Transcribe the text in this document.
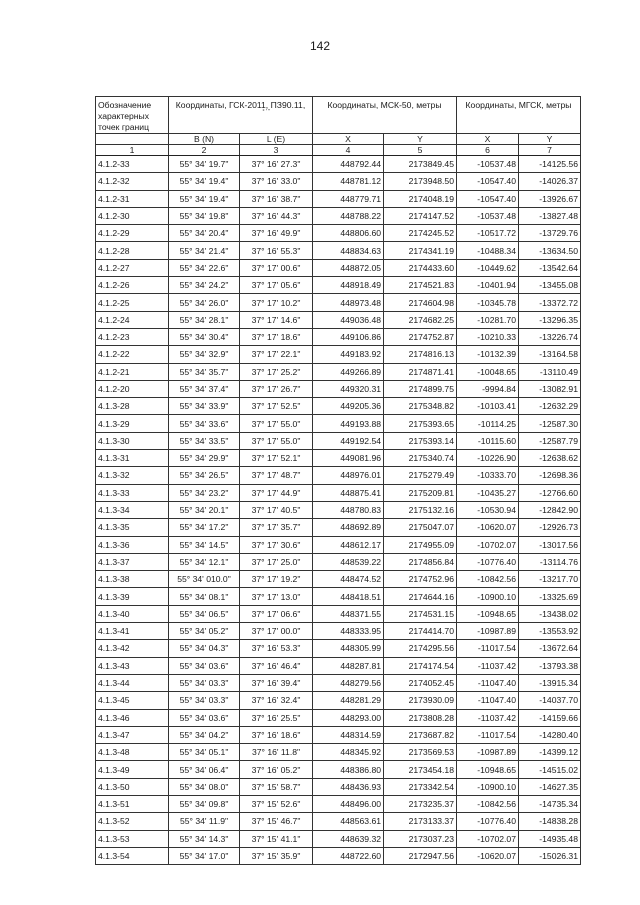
142
Обозначение характерных точек границ	Координаты, ГСК-2011, ПЗ90.11,
° ' "		Координаты, МСК-50, метры		Координаты, МГСК, метры	
	B (N)	L (E)	X	Y	X	Y
1	2	3	4	5	6	7
4.1.2-33	55° 34' 19.7"	37° 16' 27.3"	448792.44	2173849.45	-10537.48	-14125.56
4.1.2-32	55° 34' 19.4"	37° 16' 33.0"	448781.12	2173948.50	-10547.40	-14026.37
4.1.2-31	55° 34' 19.4"	37° 16' 38.7"	448779.71	2174048.19	-10547.40	-13926.67
4.1.2-30	55° 34' 19.8"	37° 16' 44.3"	448788.22	2174147.52	-10537.48	-13827.48
4.1.2-29	55° 34' 20.4"	37° 16' 49.9"	448806.60	2174245.52	-10517.72	-13729.76
4.1.2-28	55° 34' 21.4"	37° 16' 55.3"	448834.63	2174341.19	-10488.34	-13634.50
4.1.2-27	55° 34' 22.6"	37° 17' 00.6"	448872.05	2174433.60	-10449.62	-13542.64
4.1.2-26	55° 34' 24.2"	37° 17' 05.6"	448918.49	2174521.83	-10401.94	-13455.08
4.1.2-25	55° 34' 26.0"	37° 17' 10.2"	448973.48	2174604.98	-10345.78	-13372.72
4.1.2-24	55° 34' 28.1"	37° 17' 14.6"	449036.48	2174682.25	-10281.70	-13296.35
4.1.2-23	55° 34' 30.4"	37° 17' 18.6"	449106.86	2174752.87	-10210.33	-13226.74
4.1.2-22	55° 34' 32.9"	37° 17' 22.1"	449183.92	2174816.13	-10132.39	-13164.58
4.1.2-21	55° 34' 35.7"	37° 17' 25.2"	449266.89	2174871.41	-10048.65	-13110.49
4.1.2-20	55° 34' 37.4"	37° 17' 26.7"	449320.31	2174899.75	-9994.84	-13082.91
4.1.3-28	55° 34' 33.9"	37° 17' 52.5"	449205.36	2175348.82	-10103.41	-12632.29
4.1.3-29	55° 34' 33.6"	37° 17' 55.0"	449193.88	2175393.65	-10114.25	-12587.30
4.1.3-30	55° 34' 33.5"	37° 17' 55.0"	449192.54	2175393.14	-10115.60	-12587.79
4.1.3-31	55° 34' 29.9"	37° 17' 52.1"	449081.96	2175340.74	-10226.90	-12638.62
4.1.3-32	55° 34' 26.5"	37° 17' 48.7"	448976.01	2175279.49	-10333.70	-12698.36
4.1.3-33	55° 34' 23.2"	37° 17' 44.9"	448875.41	2175209.81	-10435.27	-12766.60
4.1.3-34	55° 34' 20.1"	37° 17' 40.5"	448780.83	2175132.16	-10530.94	-12842.90
4.1.3-35	55° 34' 17.2"	37° 17' 35.7"	448692.89	2175047.07	-10620.07	-12926.73
4.1.3-36	55° 34' 14.5"	37° 17' 30.6"	448612.17	2174955.09	-10702.07	-13017.56
4.1.3-37	55° 34' 12.1"	37° 17' 25.0"	448539.22	2174856.84	-10776.40	-13114.76
4.1.3-38	55° 34' 010.0"	37° 17' 19.2"	448474.52	2174752.96	-10842.56	-13217.70
4.1.3-39	55° 34' 08.1"	37° 17' 13.0"	448418.51	2174644.16	-10900.10	-13325.69
4.1.3-40	55° 34' 06.5"	37° 17' 06.6"	448371.55	2174531.15	-10948.65	-13438.02
4.1.3-41	55° 34' 05.2"	37° 17' 00.0"	448333.95	2174414.70	-10987.89	-13553.92
4.1.3-42	55° 34' 04.3"	37° 16' 53.3"	448305.99	2174295.56	-11017.54	-13672.64
4.1.3-43	55° 34' 03.6"	37° 16' 46.4"	448287.81	2174174.54	-11037.42	-13793.38
4.1.3-44	55° 34' 03.3"	37° 16' 39.4"	448279.56	2174052.45	-11047.40	-13915.34
4.1.3-45	55° 34' 03.3"	37° 16' 32.4"	448281.29	2173930.09	-11047.40	-14037.70
4.1.3-46	55° 34' 03.6"	37° 16' 25.5"	448293.00	2173808.28	-11037.42	-14159.66
4.1.3-47	55° 34' 04.2"	37° 16' 18.6"	448314.59	2173687.82	-11017.54	-14280.40
4.1.3-48	55° 34' 05.1"	37° 16' 11.8"	448345.92	2173569.53	-10987.89	-14399.12
4.1.3-49	55° 34' 06.4"	37° 16' 05.2"	448386.80	2173454.18	-10948.65	-14515.02
4.1.3-50	55° 34' 08.0"	37° 15' 58.7"	448436.93	2173342.54	-10900.10	-14627.35
4.1.3-51	55° 34' 09.8"	37° 15' 52.6"	448496.00	2173235.37	-10842.56	-14735.34
4.1.3-52	55° 34' 11.9"	37° 15' 46.7"	448563.61	2173133.37	-10776.40	-14838.28
4.1.3-53	55° 34' 14.3"	37° 15' 41.1"	448639.32	2173037.23	-10702.07	-14935.48
4.1.3-54	55° 34' 17.0"	37° 15' 35.9"	448722.60	2172947.56	-10620.07	-15026.31
